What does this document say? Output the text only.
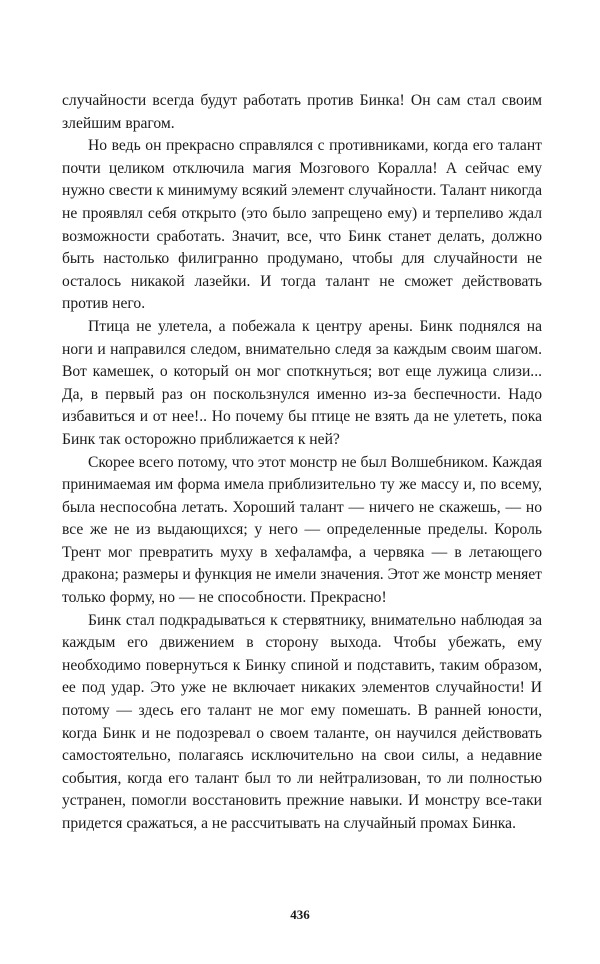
случайности всегда будут работать против Бинка! Он сам стал своим злейшим врагом.

Но ведь он прекрасно справлялся с противниками, когда его талант почти целиком отключила магия Мозгового Коралла! А сейчас ему нужно свести к минимуму всякий элемент случайности. Талант никогда не проявлял себя открыто (это было запрещено ему) и терпеливо ждал возможности сработать. Значит, все, что Бинк станет делать, должно быть настолько филигранно продумано, чтобы для случайности не осталось никакой лазейки. И тогда талант не сможет действовать против него.

Птица не улетела, а побежала к центру арены. Бинк поднялся на ноги и направился следом, внимательно следя за каждым своим шагом. Вот камешек, о который он мог споткнуться; вот еще лужица слизи... Да, в первый раз он поскользнулся именно из-за беспечности. Надо избавиться и от нее!.. Но почему бы птице не взять да не улететь, пока Бинк так осторожно приближается к ней?

Скорее всего потому, что этот монстр не был Волшебником. Каждая принимаемая им форма имела приблизительно ту же массу и, по всему, была неспособна летать. Хороший талант — ничего не скажешь, — но все же не из выдающихся; у него — определенные пределы. Король Трент мог превратить муху в хефаламфа, а червяка — в летающего дракона; размеры и функция не имели значения. Этот же монстр меняет только форму, но — не способности. Прекрасно!

Бинк стал подкрадываться к стервятнику, внимательно наблюдая за каждым его движением в сторону выхода. Чтобы убежать, ему необходимо повернуться к Бинку спиной и подставить, таким образом, ее под удар. Это уже не включает никаких элементов случайности! И потому — здесь его талант не мог ему помешать. В ранней юности, когда Бинк и не подозревал о своем таланте, он научился действовать самостоятельно, полагаясь исключительно на свои силы, а недавние события, когда его талант был то ли нейтрализован, то ли полностью устранен, помогли восстановить прежние навыки. И монстру все-таки придется сражаться, а не рассчитывать на случайный промах Бинка.

436
